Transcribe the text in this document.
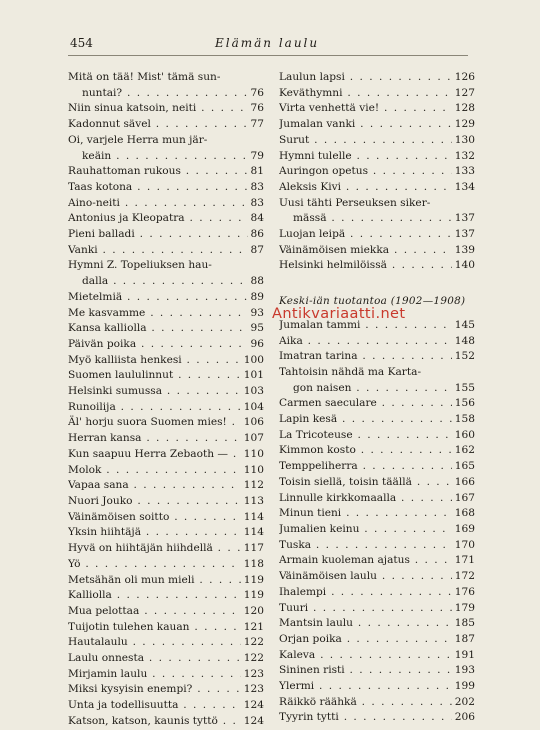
454	Elämän laulu
Mitä on tää! Mist' tämä sun-
nuntai? . . .	76
Niin sinua katsoin, neiti . . .	76
Kadonnut sävel . . .	77
Oi, varjele Herra mun jär-
keäin . . .	79
Rauhattoman rukous . . .	81
Taas kotona . . .	83
Aino-neiti . . .	83
Antonius ja Kleopatra . . .	84
Pieni balladi . . .	86
Vanki . . .	87
Hymni Z. Topeliuksen hau-
dalla . . .	88
Mietelmiä . . .	89
Me kasvamme . . .	93
Kansa kalliolla . . .	95
Päivän poika . . .	96
Myö kalliista henkesi . . .	100
Suomen laululinnut . . .	101
Helsinki sumussa . . .	103
Runoilija . . .	104
Äl' horju suora Suomen mies! . . .	106
Herran kansa . . .	107
Kun saapuu Herra Zebaoth — . . .	110
Molok . . .	110
Vapaa sana . . .	112
Nuori Jouko . . .	113
Väinämöisen soitto . . .	114
Yksin hiihtäjä . . .	114
Hyvä on hiihtäjän hiihdellä . . .	117
Yö . . .	118
Metsähän oli mun mieli . . .	119
Kalliolla . . .	119
Mua pelottaa . . .	120
Tuijotin tulehen kauan . . .	121
Hautalaulu . . .	122
Laulu onnesta . . .	122
Mirjamin laulu . . .	123
Miksi kysyisin enempi? . . .	123
Unta ja todellisuutta . . .	124
Katson, katson, kaunis tyttö . . .	124
Laulun lapsi . . .	126
Keväthymni . . .	127
Virta venhettä vie! . . .	128
Jumalan vanki . . .	129
Surut . . .	130
Hymni tulelle . . .	132
Auringon opetus . . .	133
Aleksis Kivi . . .	134
Uusi tähti Perseuksen siker-
mässä . . .	137
Luojan leipä . . .	137
Väinämöisen miekka . . .	139
Helsinki helmilöissä . . .	140
Keski-iän tuotantoa (1902—1908)
Jumalan tammi . . .	145
Aika . . .	148
Imatran tarina . . .	152
Tahtoisin nähdä ma Karta-
gon naisen . . .	155
Carmen saeculare . . .	156
Lapin kesä . . .	158
La Tricoteuse . . .	160
Kimmon kosto . . .	162
Temppeliherra . . .	165
Toisin siellä, toisin täällä . . .	166
Linnulle kirkkomaalla . . .	167
Minun tieni . . .	168
Jumalien keinu . . .	169
Tuska . . .	170
Armain kuoleman ajatus . . .	171
Väinämöisen laulu . . .	172
Ihalempi . . .	176
Tuuri . . .	179
Mantsin laulu . . .	185
Orjan poika . . .	187
Kaleva . . .	191
Sininen risti . . .	193
Ylermi . . .	199
Räikkö räähkä . . .	202
Tyyrin tytti . . .	206
Antikvariaatti.net
